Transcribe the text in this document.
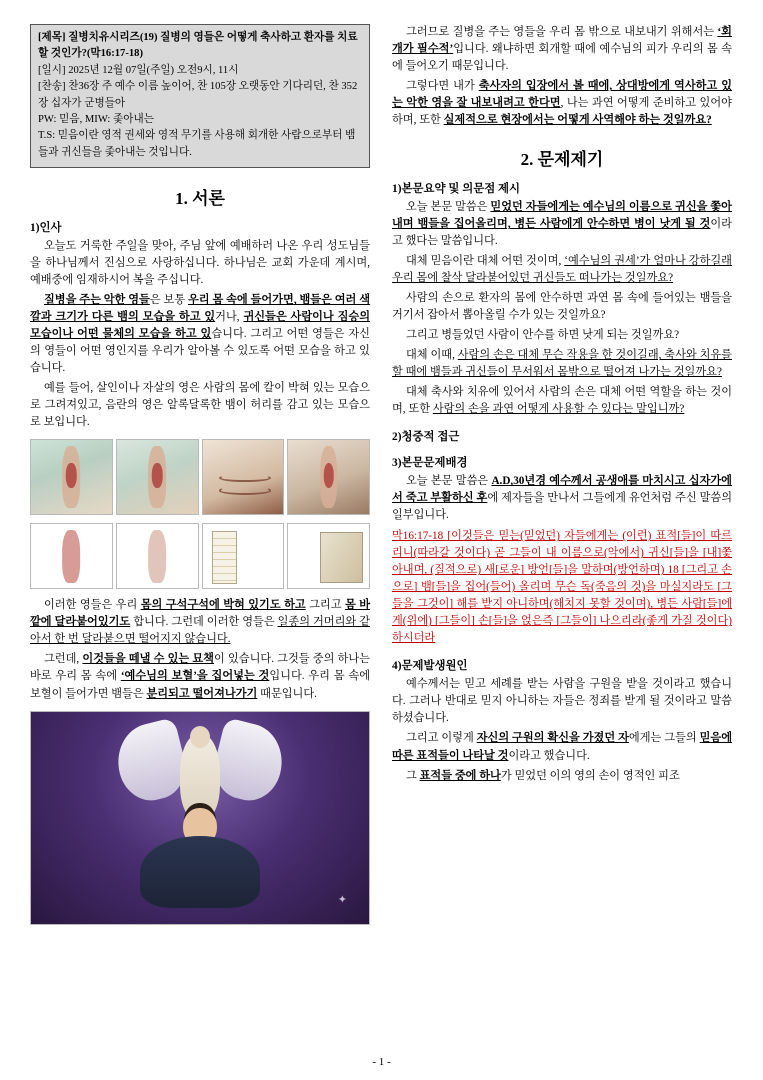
[제목] 질병치유시리즈(19) 질병의 영들은 어떻게 축사하고 환자를 치료할 것인가?(막16:17-18)
[일시] 2025년 12월 07일(주일) 오전9시, 11시
[찬송] 찬36장 주 예수 이름 높이어, 찬 105장 오랫동안 기다리던, 찬 352장 십자가 군병들아
PW: 믿음, MIW: 좇아내는
T.S: 믿음이란 영적 권세와 영적 무기를 사용해 회개한 사람으로부터 뱀들과 귀신들을 좇아내는 것입니다.
1. 서론
1)인사

오늘도 거룩한 주일을 맞아, 주님 앞에 예배하러 나온 우리 성도님들을 하나님께서 진심으로 사랑하십니다. 하나님은 교회 가운데 계시며, 예배중에 임재하시어 복을 주십니다.

질병을 주는 악한 영들은 보통 우리 몸 속에 들어가면, 뱀들은 여러 색깔과 크기가 다른 뱀의 모습을 하고 있거나, 귀신들은 사람이나 짐승의 모습이나 어떤 물체의 모습을 하고 있습니다. 그리고 어떤 영들은 자신의 영들이 어떤 영인지를 우리가 알아볼 수 있도록 어떤 모습을 하고 있습니다.

예를 들어, 살인이나 자살의 영은 사람의 몸에 칼이 박혀 있는 모습으로 그려져있고, 음란의 영은 알록달록한 뱀이 허리를 감고 있는 모습으로 보입니다.

이러한 영들은 우리 몸의 구석구석에 박혀 있기도 하고 그리고 몸 바깥에 달라붙어있기도 합니다. 그런데 이러한 영들은 일종의 거머리와 같아서 한 번 달라붙으면 떨어지지 않습니다.

그런데, 이것들을 떼낼 수 있는 묘책이 있습니다. 그것들 중의 하나는 바로 우리 몸 속에 ‘예수님의 보혈’을 집어넣는 것입니다. 우리 몸 속에 보혈이 들어가면 뱀들은 분리되고 떨어져나가기 때문입니다.

✦

그러므로 질병을 주는 영들을 우리 몸 밖으로 내보내기 위해서는 ‘회개가 필수적’입니다. 왜냐하면 회개할 때에 예수님의 피가 우리의 몸 속에 들어오기 때문입니다.

그렇다면 내가 축사자의 입장에서 볼 때에, 상대방에게 역사하고 있는 악한 영을 잘 내보내려고 한다면, 나는 과연 어떻게 준비하고 있어야 하며, 또한 실제적으로 현장에서는 어떻게 사역해야 하는 것일까요?

2. 문제제기
1)본문요약 및 의문점 제시

오늘 본문 말씀은 믿었던 자들에게는 예수님의 이름으로 귀신을 쫓아내며 뱀들을 집어올리며, 병든 사람에게 안수하면 병이 낫게 될 것이라고 했다는 말씀입니다.

대체 믿음이란 대체 어떤 것이며, ‘예수님의 권세’가 얼마나 강하길래 우리 몸에 찰삭 달라붙어있던 귀신들도 떠나가는 것일까요?

사람의 손으로 환자의 몸에 안수하면 과연 몸 속에 들어있는 뱀들을 거기서 잡아서 뽑아올릴 수가 있는 것일까요?

그리고 병들었던 사람이 안수를 하면 낫게 되는 것일까요?

대체 이때, 사람의 손은 대체 무슨 작용을 한 것이길래, 축사와 치유를 할 때에 뱀들과 귀신들이 무서워서 몸밖으로 떨어져 나가는 것일까요?

대체 축사와 치유에 있어서 사람의 손은 대체 어떤 역할을 하는 것이며, 또한 사람의 손을 과연 어떻게 사용할 수 있다는 말입니까?

2)청중적 접근
3)본문문제배경

오늘 본문 말씀은 A.D,30년경 예수께서 공생애를 마치시고 십자가에서 죽고 부활하신 후에 제자들을 만나서 그들에게 유언처럼 주신 말씀의 일부입니다.

막16:17-18 [이것들은 믿는(믿었던) 자들에게는 (이런) 표적[들]이 따르리니(따라갈 것이다) 곧 그들이 내 이름으로(악에서) 귀신[들]을 [내]쫓아내며, (질적으로) 새[로운] 방언[들]을 말하며(방언하며) 18 [그리고 손으로] 뱀[들]을 집어(들어) 올리며 무슨 독(죽음의 것)을 마실지라도 [그들을 그것이] 해를 받지 아니하며(해치지 못할 것이며), 병든 사람[들]에게(위에) [그들이] 손[들]을 얹은즉 [그들이] 나으리라(좋게 가질 것이다) 하시더라

4)문제발생원인

예수께서는 믿고 세례를 받는 사람을 구원을 받을 것이라고 했습니다. 그러나 반대로 믿지 아니하는 자들은 정죄를 받게 될 것이라고 말씀하셨습니다.

그리고 이렇게 자신의 구원의 확신을 가졌던 자에게는 그들의 믿음에 따른 표적들이 나타날 것이라고 했습니다.

그 표적들 중에 하나가 믿었던 이의 영의 손이 영적인 피조

- 1 -
